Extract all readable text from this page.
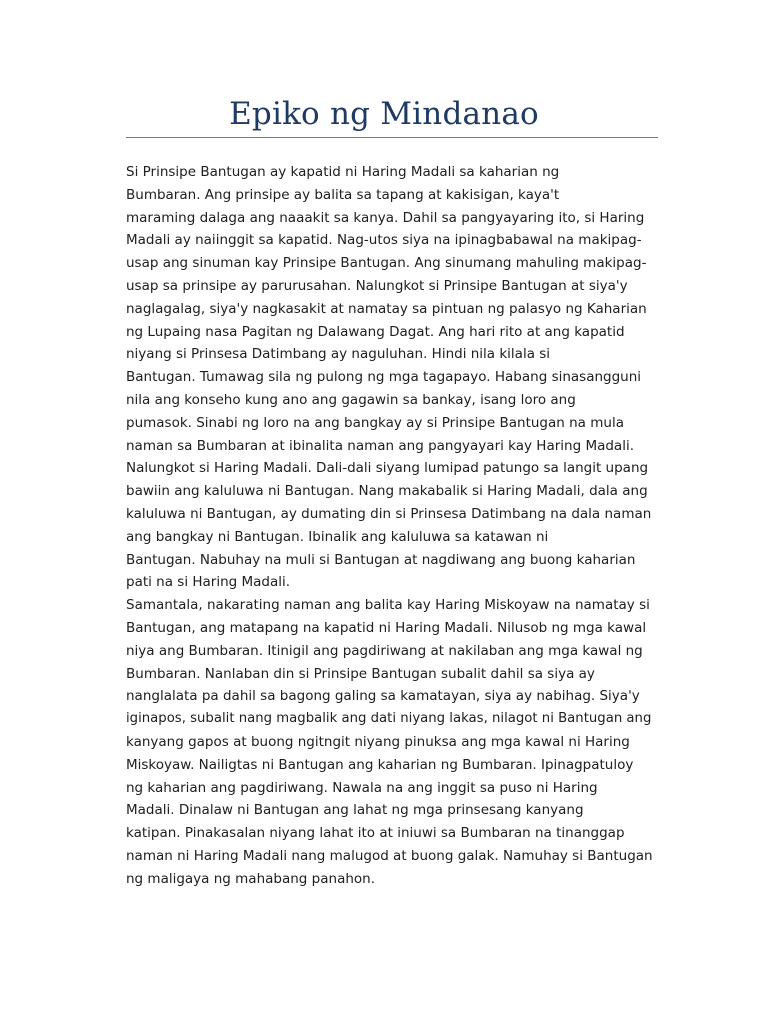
Epiko ng Mindanao
Si Prinsipe Bantugan ay kapatid ni Haring Madali sa kaharian ng
Bumbaran. Ang prinsipe ay balita sa tapang at kakisigan, kaya't
maraming dalaga ang naaakit sa kanya. Dahil sa pangyayaring ito, si Haring
Madali ay naiinggit sa kapatid. Nag-utos siya na ipinagbabawal na makipag-
usap ang sinuman kay Prinsipe Bantugan. Ang sinumang mahuling makipag-
usap sa prinsipe ay parurusahan. Nalungkot si Prinsipe Bantugan at siya'y
naglagalag, siya'y nagkasakit at namatay sa pintuan ng palasyo ng Kaharian
ng Lupaing nasa Pagitan ng Dalawang Dagat. Ang hari rito at ang kapatid
niyang si Prinsesa Datimbang ay naguluhan. Hindi nila kilala si
Bantugan. Tumawag sila ng pulong ng mga tagapayo. Habang sinasangguni
nila ang konseho kung ano ang gagawin sa bankay, isang loro ang
pumasok. Sinabi ng loro na ang bangkay ay si Prinsipe Bantugan na mula
naman sa Bumbaran at ibinalita naman ang pangyayari kay Haring Madali.
Nalungkot si Haring Madali. Dali-dali siyang lumipad patungo sa langit upang
bawiin ang kaluluwa ni Bantugan. Nang makabalik si Haring Madali, dala ang
kaluluwa ni Bantugan, ay dumating din si Prinsesa Datimbang na dala naman
ang bangkay ni Bantugan. Ibinalik ang kaluluwa sa katawan ni
Bantugan. Nabuhay na muli si Bantugan at nagdiwang ang buong kaharian
pati na si Haring Madali.
Samantala, nakarating naman ang balita kay Haring Miskoyaw na namatay si
Bantugan, ang matapang na kapatid ni Haring Madali. Nilusob ng mga kawal
niya ang Bumbaran. Itinigil ang pagdiriwang at nakilaban ang mga kawal ng
Bumbaran. Nanlaban din si Prinsipe Bantugan subalit dahil sa siya ay
nanglalata pa dahil sa bagong galing sa kamatayan, siya ay nabihag. Siya'y
iginapos, subalit nang magbalik ang dati niyang lakas, nilagot ni Bantugan ang
kanyang gapos at buong ngitngit niyang pinuksa ang mga kawal ni Haring
Miskoyaw. Nailigtas ni Bantugan ang kaharian ng Bumbaran. Ipinagpatuloy
ng kaharian ang pagdiriwang. Nawala na ang inggit sa puso ni Haring
Madali. Dinalaw ni Bantugan ang lahat ng mga prinsesang kanyang
katipan. Pinakasalan niyang lahat ito at iniuwi sa Bumbaran na tinanggap
naman ni Haring Madali nang malugod at buong galak. Namuhay si Bantugan
ng maligaya ng mahabang panahon.
